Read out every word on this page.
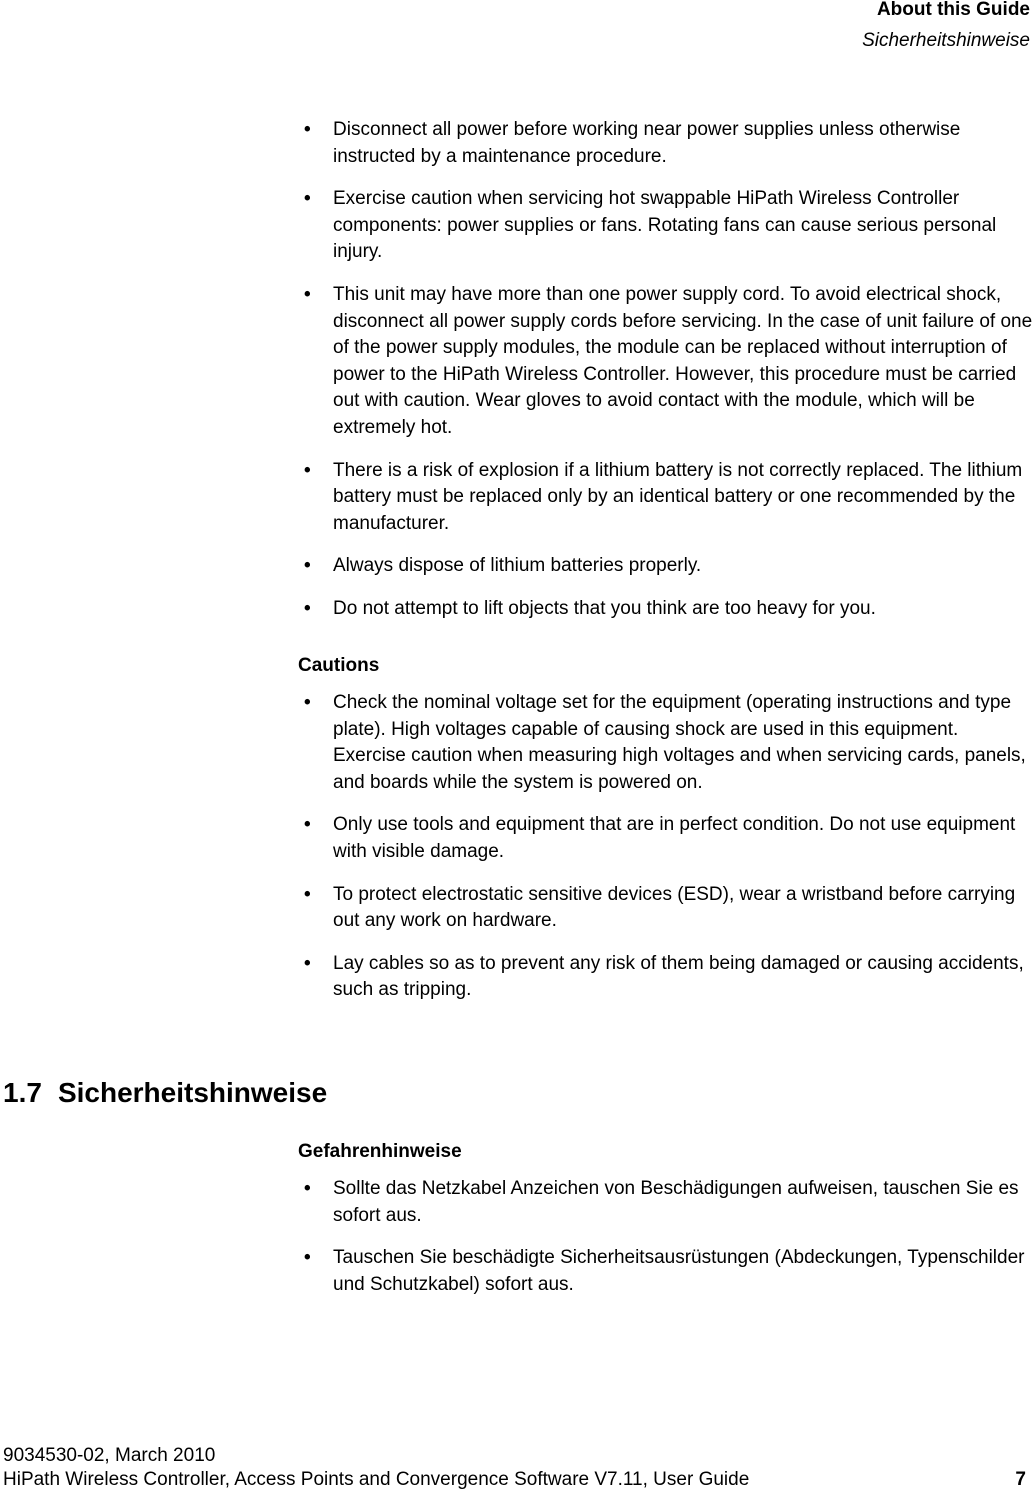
About this Guide
Sicherheitshinweise
• Disconnect all power before working near power supplies unless otherwise instructed by a maintenance procedure.
• Exercise caution when servicing hot swappable HiPath Wireless Controller components: power supplies or fans. Rotating fans can cause serious personal injury.
• This unit may have more than one power supply cord. To avoid electrical shock, disconnect all power supply cords before servicing. In the case of unit failure of one of the power supply modules, the module can be replaced without interruption of power to the HiPath Wireless Controller. However, this procedure must be carried out with caution. Wear gloves to avoid contact with the module, which will be extremely hot.
• There is a risk of explosion if a lithium battery is not correctly replaced. The lithium battery must be replaced only by an identical battery or one recommended by the manufacturer.
• Always dispose of lithium batteries properly.
• Do not attempt to lift objects that you think are too heavy for you.
Cautions
• Check the nominal voltage set for the equipment (operating instructions and type plate). High voltages capable of causing shock are used in this equipment. Exercise caution when measuring high voltages and when servicing cards, panels, and boards while the system is powered on.
• Only use tools and equipment that are in perfect condition. Do not use equipment with visible damage.
• To protect electrostatic sensitive devices (ESD), wear a wristband before carrying out any work on hardware.
• Lay cables so as to prevent any risk of them being damaged or causing accidents, such as tripping.
1.7 Sicherheitshinweise
Gefahrenhinweise
• Sollte das Netzkabel Anzeichen von Beschädigungen aufweisen, tauschen Sie es sofort aus.
• Tauschen Sie beschädigte Sicherheitsausrüstungen (Abdeckungen, Typenschilder und Schutzkabel) sofort aus.
9034530-02, March 2010
HiPath Wireless Controller, Access Points and Convergence Software V7.11, User Guide	7
